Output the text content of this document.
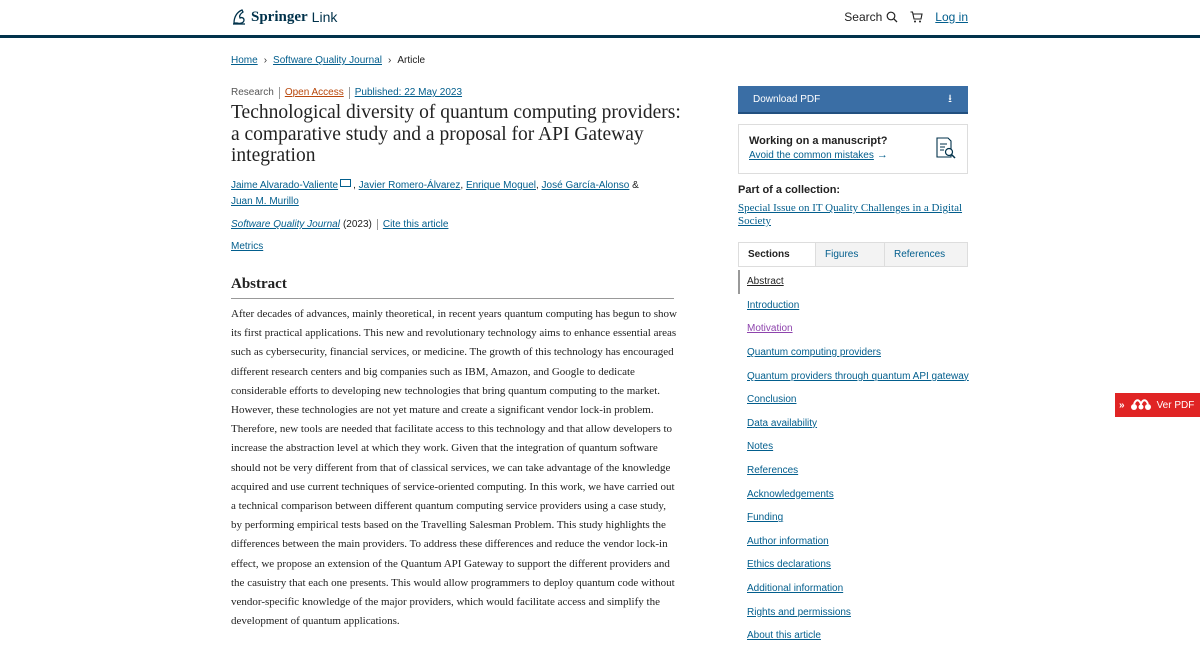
Springer Link	Search	Log in
Home › Software Quality Journal › Article
Research	Open Access	Published: 22 May 2023
Technological diversity of quantum computing providers: a comparative study and a proposal for API Gateway integration
Jaime Alvarado-Valiente , Javier Romero-Álvarez, Enrique Moguel, José García-Alonso & Juan M. Murillo
Software Quality Journal (2023)	Cite this article
Metrics
Abstract

After decades of advances, mainly theoretical, in recent years quantum computing has begun to show its first practical applications. This new and revolutionary technology aims to enhance essential areas such as cybersecurity, financial services, or medicine. The growth of this technology has encouraged different research centers and big companies such as IBM, Amazon, and Google to dedicate considerable efforts to developing new technologies that bring quantum computing to the market. However, these technologies are not yet mature and create a significant vendor lock-in problem. Therefore, new tools are needed that facilitate access to this technology and that allow developers to increase the abstraction level at which they work. Given that the integration of quantum software should not be very different from that of classical services, we can take advantage of the knowledge acquired and use current techniques of service-oriented computing. In this work, we have carried out a technical comparison between different quantum computing service providers using a case study, by performing empirical tests based on the Travelling Salesman Problem. This study highlights the differences between the main providers. To address these differences and reduce the vendor lock-in effect, we propose an extension of the Quantum API Gateway to support the different providers and the casuistry that each one presents. This would allow programmers to deploy quantum code without vendor-specific knowledge of the major providers, which would facilitate access and simplify the development of quantum applications.

Download PDF	⭳
Working on a manuscript?
Avoid the common mistakes →
Part of a collection:
Special Issue on IT Quality Challenges in a Digital Society
Sections	Figures	References
Abstract
Introduction
Motivation
Quantum computing providers
Quantum providers through quantum API gateway
Conclusion
Data availability
Notes
References
Acknowledgements
Funding
Author information
Ethics declarations
Additional information
Rights and permissions
About this article
»	Ver PDF
